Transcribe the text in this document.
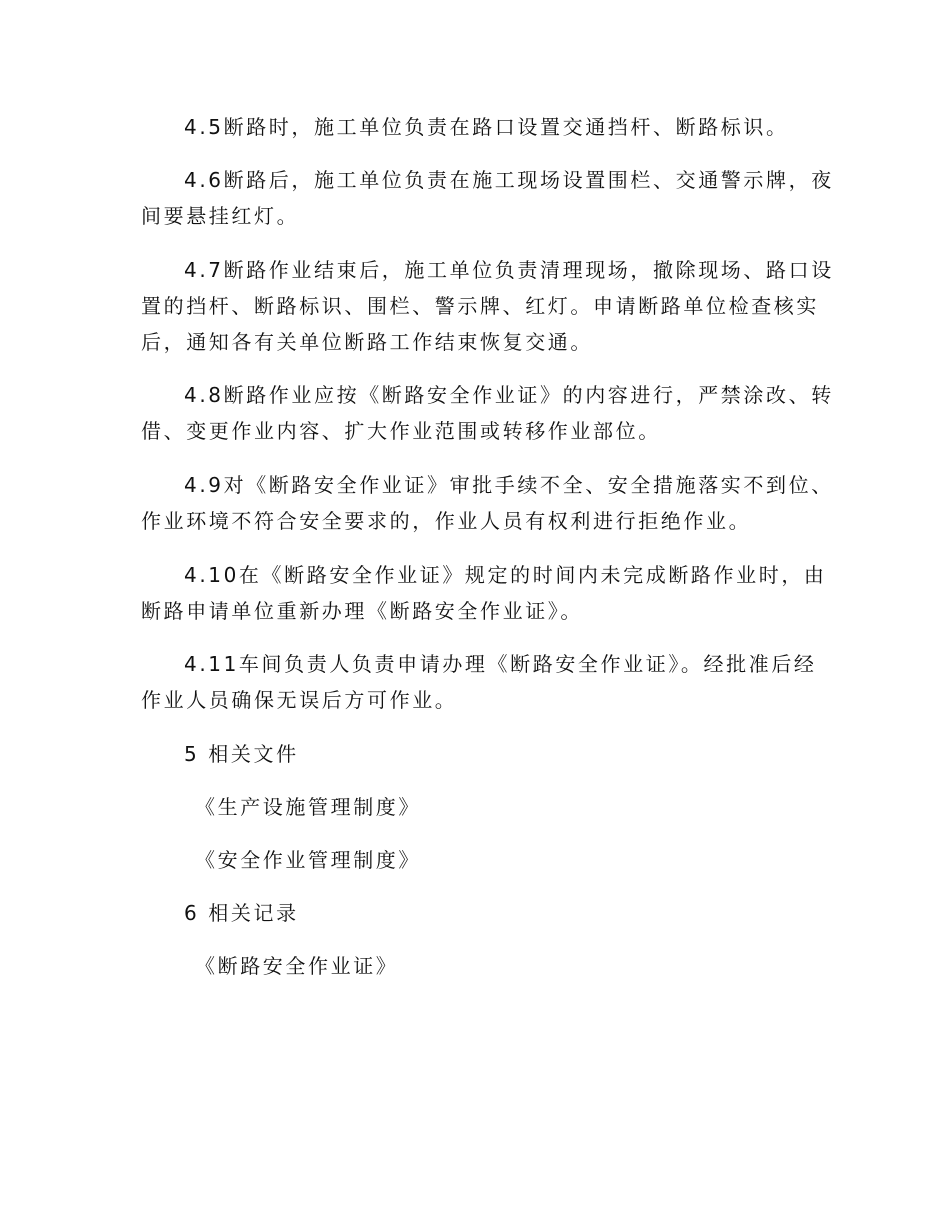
4.5断路时，施工单位负责在路口设置交通挡杆、断路标识。

4.6断路后，施工单位负责在施工现场设置围栏、交通警示牌，夜
间要悬挂红灯。

4.7断路作业结束后，施工单位负责清理现场，撤除现场、路口设
置的挡杆、断路标识、围栏、警示牌、红灯。申请断路单位检查核实
后，通知各有关单位断路工作结束恢复交通。

4.8断路作业应按《断路安全作业证》的内容进行，严禁涂改、转
借、变更作业内容、扩大作业范围或转移作业部位。

4.9对《断路安全作业证》审批手续不全、安全措施落实不到位、
作业环境不符合安全要求的，作业人员有权利进行拒绝作业。

4.10在《断路安全作业证》规定的时间内未完成断路作业时，由
断路申请单位重新办理《断路安全作业证》。

4.11车间负责人负责申请办理《断路安全作业证》。经批准后经
作业人员确保无误后方可作业。

5 相关文件
《生产设施管理制度》
《安全作业管理制度》
6 相关记录
《断路安全作业证》
